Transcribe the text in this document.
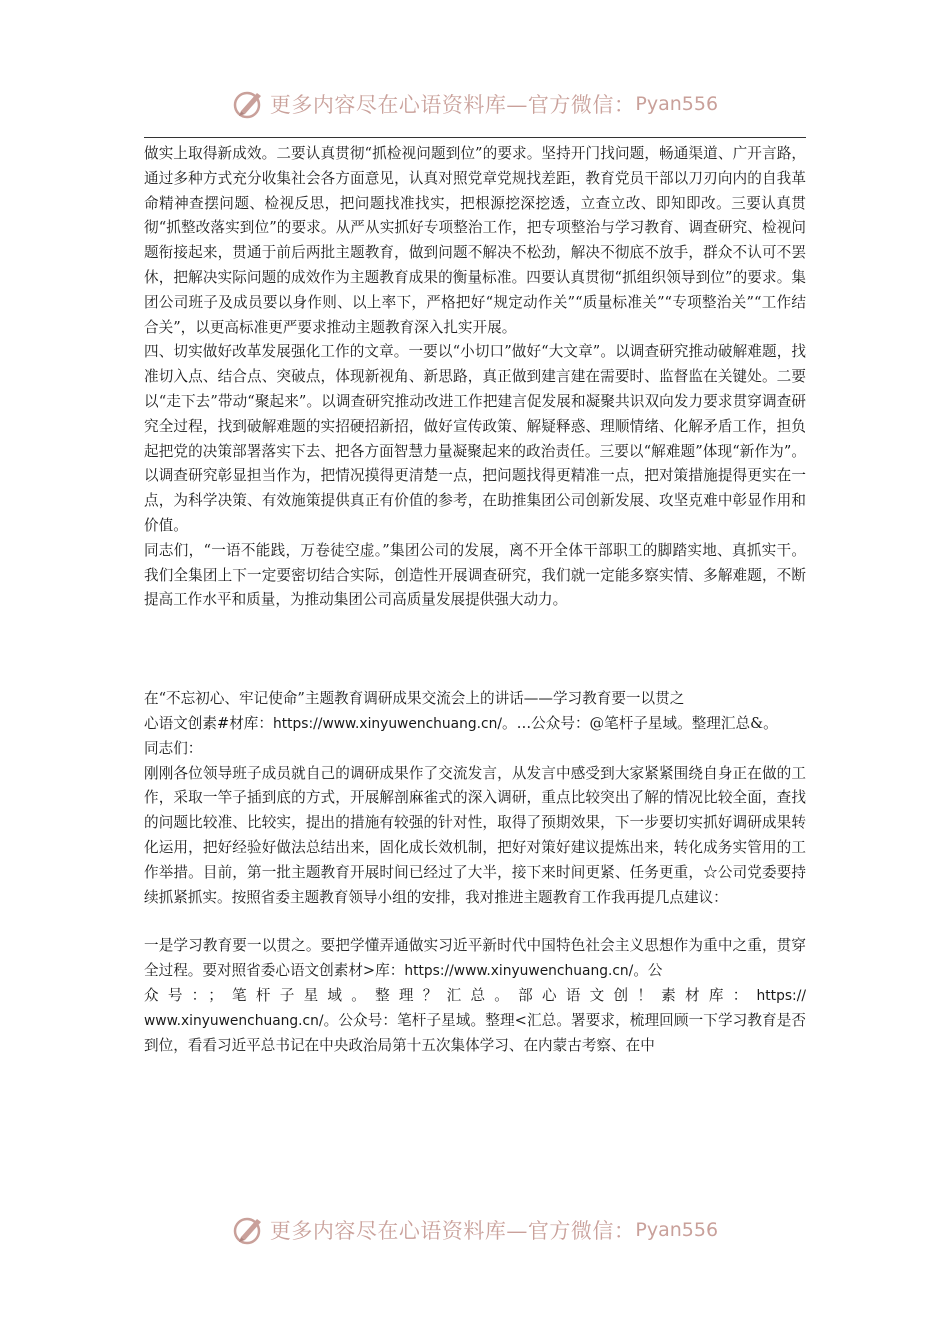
更多内容尽在心语资料库—官方微信： Pyan556

做实上取得新成效。二要认真贯彻“抓检视问题到位”的要求。坚持开门找问题，畅通渠道、广开言路，通过多种方式充分收集社会各方面意见，认真对照党章党规找差距，教育党员干部以刀刃向内的自我革命精神查摆问题、检视反思，把问题找准找实，把根源挖深挖透，立查立改、即知即改。三要认真贯彻“抓整改落实到位”的要求。从严从实抓好专项整治工作，把专项整治与学习教育、调查研究、检视问题衔接起来，贯通于前后两批主题教育，做到问题不解决不松劲，解决不彻底不放手，群众不认可不罢休，把解决实际问题的成效作为主题教育成果的衡量标准。四要认真贯彻“抓组织领导到位”的要求。集团公司班子及成员要以身作则、以上率下，严格把好“规定动作关”“质量标准关”“专项整治关”“工作结合关”，以更高标准更严要求推动主题教育深入扎实开展。

四、切实做好改革发展强化工作的文章。一要以“小切口”做好“大文章”。以调查研究推动破解难题，找准切入点、结合点、突破点，体现新视角、新思路，真正做到建言建在需要时、监督监在关键处。二要以“走下去”带动“聚起来”。以调查研究推动改进工作把建言促发展和凝聚共识双向发力要求贯穿调查研究全过程，找到破解难题的实招硬招新招，做好宣传政策、解疑释惑、理顺情绪、化解矛盾工作，担负起把党的决策部署落实下去、把各方面智慧力量凝聚起来的政治责任。三要以“解难题”体现“新作为”。以调查研究彰显担当作为，把情况摸得更清楚一点，把问题找得更精准一点，把对策措施提得更实在一点，为科学决策、有效施策提供真正有价值的参考，在助推集团公司创新发展、攻坚克难中彰显作用和价值。

同志们，“一语不能践，万卷徒空虚。”集团公司的发展，离不开全体干部职工的脚踏实地、真抓实干。我们全集团上下一定要密切结合实际，创造性开展调查研究，我们就一定能多察实情、多解难题，不断提高工作水平和质量，为推动集团公司高质量发展提供强大动力。

在“不忘初心、牢记使命”主题教育调研成果交流会上的讲话——学习教育要一以贯之

心语文创素#材库：https://www.xinyuwenchuang.cn/。…公众号：@笔杆子星域。整理汇总&。

同志们：

刚刚各位领导班子成员就自己的调研成果作了交流发言，从发言中感受到大家紧紧围绕自身正在做的工作，采取一竿子插到底的方式，开展解剖麻雀式的深入调研，重点比较突出了解的情况比较全面，查找的问题比较准、比较实，提出的措施有较强的针对性，取得了预期效果，下一步要切实抓好调研成果转化运用，把好经验好做法总结出来，固化成长效机制，把好对策好建议提炼出来，转化成务实管用的工作举措。目前，第一批主题教育开展时间已经过了大半，接下来时间更紧、任务更重，☆公司党委要持续抓紧抓实。按照省委主题教育领导小组的安排，我对推进主题教育工作我再提几点建议：

一是学习教育要一以贯之。要把学懂弄通做实习近平新时代中国特色社会主义思想作为重中之重，贯穿全过程。要对照省委心语文创素材>库：https://www.xinyuwenchuang.cn/。公

众号：；笔杆子星域。整理？汇总。部心语文创！素材库：https://

www.xinyuwenchuang.cn/。公众号：笔杆子星域。整理<汇总。署要求，梳理回顾一下学习教育是否到位，看看习近平总书记在中央政治局第十五次集体学习、在内蒙古考察、在中

更多内容尽在心语资料库—官方微信： Pyan556
